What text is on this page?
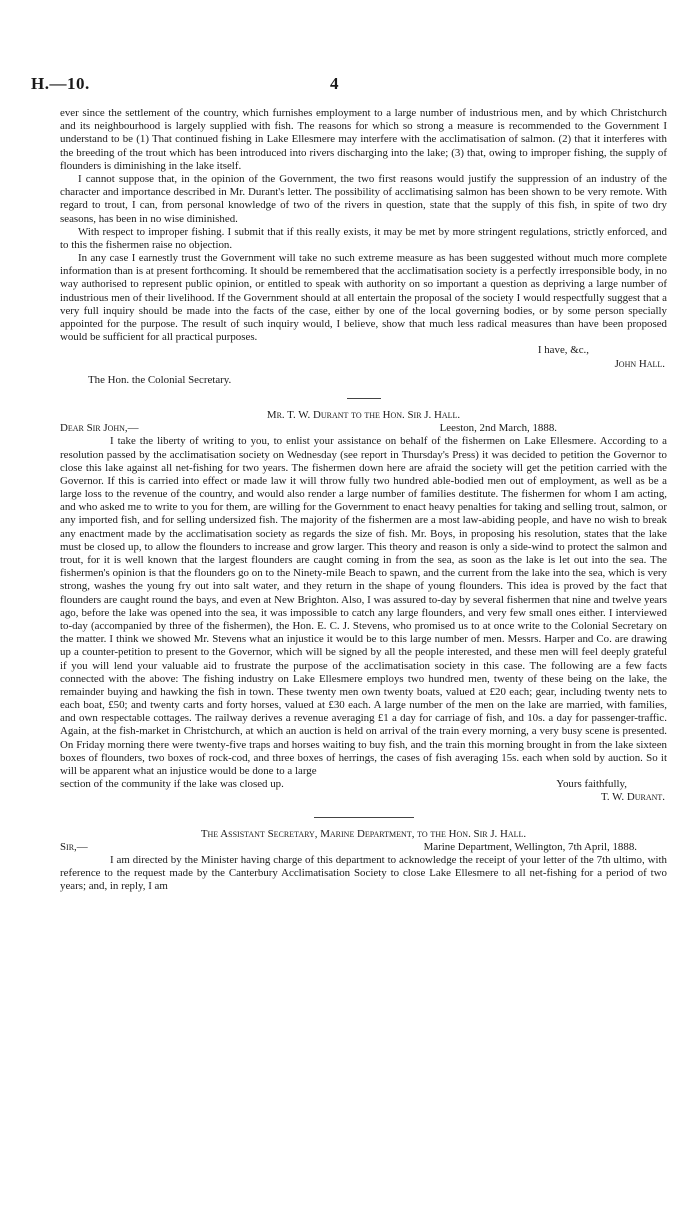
H.—10.	4

ever since the settlement of the country, which furnishes employment to a large number of industrious men, and by which Christchurch and its neighbourhood is largely supplied with fish. The reasons for which so strong a measure is recommended to the Government I understand to be (1) That continued fishing in Lake Ellesmere may interfere with the acclimatisation of salmon. (2) that it interferes with the breeding of the trout which has been introduced into rivers discharging into the lake; (3) that, owing to improper fishing, the supply of flounders is diminishing in the lake itself.

I cannot suppose that, in the opinion of the Government, the two first reasons would justify the suppression of an industry of the character and importance described in Mr. Durant's letter. The possibility of acclimatising salmon has been shown to be very remote. With regard to trout, I can, from personal knowledge of two of the rivers in question, state that the supply of this fish, in spite of two dry seasons, has been in no wise diminished.

With respect to improper fishing. I submit that if this really exists, it may be met by more stringent regulations, strictly enforced, and to this the fishermen raise no objection.

In any case I earnestly trust the Government will take no such extreme measure as has been suggested without much more complete information than is at present forthcoming. It should be remembered that the acclimatisation society is a perfectly irresponsible body, in no way authorised to represent public opinion, or entitled to speak with authority on so important a question as depriving a large number of industrious men of their livelihood. If the Government should at all entertain the proposal of the society I would respectfully suggest that a very full inquiry should be made into the facts of the case, either by one of the local governing bodies, or by some person specially appointed for the purpose. The result of such inquiry would, I believe, show that much less radical measures than have been proposed would be sufficient for all practical purposes.

I have, &c.,

John Hall.

The Hon. the Colonial Secretary.

Mr. T. W. Durant to the Hon. Sir J. Hall.

Dear Sir John,—	Leeston, 2nd March, 1888.

I take the liberty of writing to you, to enlist your assistance on behalf of the fishermen on Lake Ellesmere. According to a resolution passed by the acclimatisation society on Wednesday (see report in Thursday's Press) it was decided to petition the Governor to close this lake against all net-fishing for two years. The fishermen down here are afraid the society will get the petition carried with the Governor. If this is carried into effect or made law it will throw fully two hundred able-bodied men out of employment, as well as be a large loss to the revenue of the country, and would also render a large number of families destitute. The fishermen for whom I am acting, and who asked me to write to you for them, are willing for the Government to enact heavy penalties for taking and selling trout, salmon, or any imported fish, and for selling undersized fish. The majority of the fishermen are a most law-abiding people, and have no wish to break any enactment made by the acclimatisation society as regards the size of fish. Mr. Boys, in proposing his resolution, states that the lake must be closed up, to allow the flounders to increase and grow larger. This theory and reason is only a side-wind to protect the salmon and trout, for it is well known that the largest flounders are caught coming in from the sea, as soon as the lake is let out into the sea. The fishermen's opinion is that the flounders go on to the Ninety-mile Beach to spawn, and the current from the lake into the sea, which is very strong, washes the young fry out into salt water, and they return in the shape of young flounders. This idea is proved by the fact that flounders are caught round the bays, and even at New Brighton. Also, I was assured to-day by several fishermen that nine and twelve years ago, before the lake was opened into the sea, it was impossible to catch any large flounders, and very few small ones either. I interviewed to-day (accompanied by three of the fishermen), the Hon. E. C. J. Stevens, who promised us to at once write to the Colonial Secretary on the matter. I think we showed Mr. Stevens what an injustice it would be to this large number of men. Messrs. Harper and Co. are drawing up a counter-petition to present to the Governor, which will be signed by all the people interested, and these men will feel deeply grateful if you will lend your valuable aid to frustrate the purpose of the acclimatisation society in this case. The following are a few facts connected with the above: The fishing industry on Lake Ellesmere employs two hundred men, twenty of these being on the lake, the remainder buying and hawking the fish in town. These twenty men own twenty boats, valued at £20 each; gear, including twenty nets to each boat, £50; and twenty carts and forty horses, valued at £30 each. A large number of the men on the lake are married, with families, and own respectable cottages. The railway derives a revenue averaging £1 a day for carriage of fish, and 10s. a day for passenger-traffic. Again, at the fish-market in Christchurch, at which an auction is held on arrival of the train every morning, a very busy scene is presented. On Friday morning there were twenty-five traps and horses waiting to buy fish, and the train this morning brought in from the lake sixteen boxes of flounders, two boxes of rock-cod, and three boxes of herrings, the cases of fish averaging 15s. each when sold by auction. So it will be apparent what an injustice would be done to a large

section of the community if the lake was closed up.	Yours faithfully,

T. W. Durant.

The Assistant Secretary, Marine Department, to the Hon. Sir J. Hall.

Sir,—	Marine Department, Wellington, 7th April, 1888.

I am directed by the Minister having charge of this department to acknowledge the receipt of your letter of the 7th ultimo, with reference to the request made by the Canterbury Acclimatisation Society to close Lake Ellesmere to all net-fishing for a period of two years; and, in reply, I am
